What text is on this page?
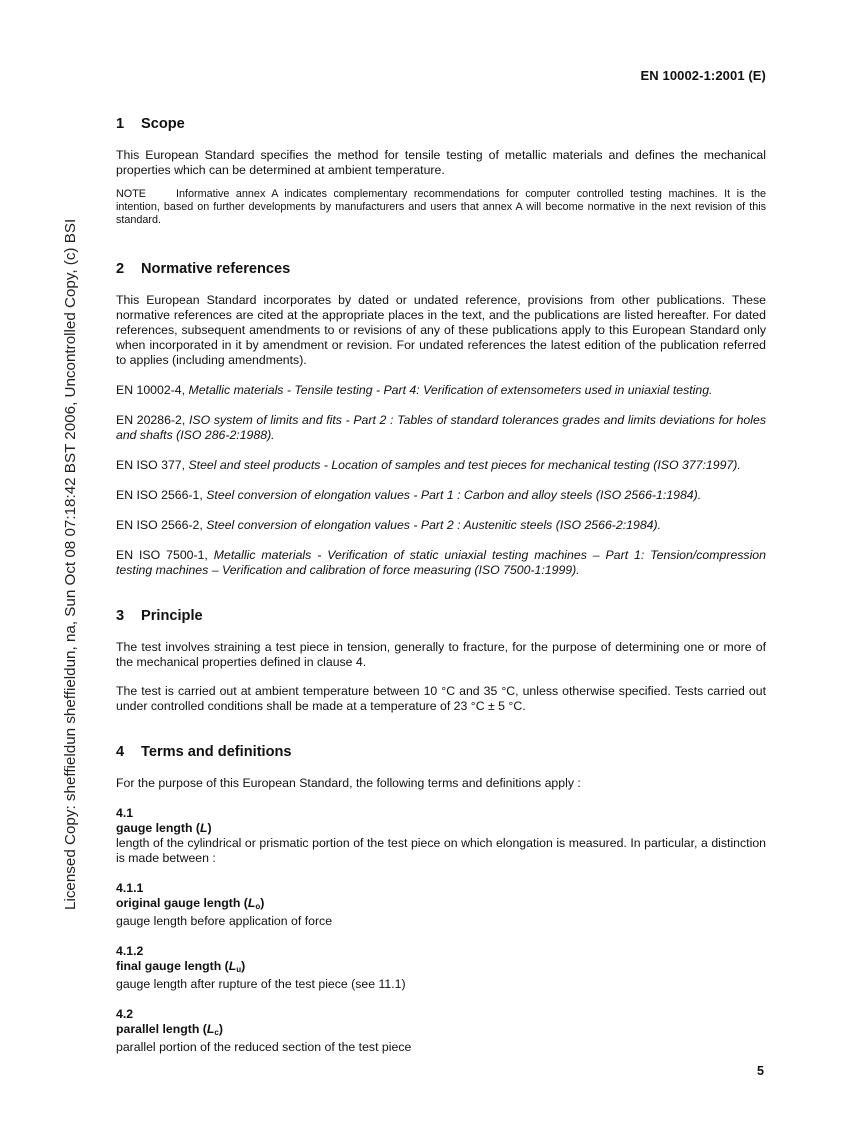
EN 10002-1:2001 (E)
Licensed Copy: sheffieldun sheffieldun, na, Sun Oct 08 07:18:42 BST 2006, Uncontrolled Copy, (c) BSI
1 Scope

This European Standard specifies the method for tensile testing of metallic materials and defines the mechanical properties which can be determined at ambient temperature.

NOTE	Informative annex A indicates complementary recommendations for computer controlled testing machines. It is the intention, based on further developments by manufacturers and users that annex A will become normative in the next revision of this standard.

2 Normative references

This European Standard incorporates by dated or undated reference, provisions from other publications. These normative references are cited at the appropriate places in the text, and the publications are listed hereafter. For dated references, subsequent amendments to or revisions of any of these publications apply to this European Standard only when incorporated in it by amendment or revision. For undated references the latest edition of the publication referred to applies (including amendments).

EN 10002-4, Metallic materials - Tensile testing - Part 4: Verification of extensometers used in uniaxial testing.

EN 20286-2, ISO system of limits and fits - Part 2 : Tables of standard tolerances grades and limits deviations for holes and shafts (ISO 286-2:1988).

EN ISO 377, Steel and steel products - Location of samples and test pieces for mechanical testing (ISO 377:1997).

EN ISO 2566-1, Steel conversion of elongation values - Part 1 : Carbon and alloy steels (ISO 2566-1:1984).

EN ISO 2566-2, Steel conversion of elongation values - Part 2 : Austenitic steels (ISO 2566-2:1984).

EN ISO 7500-1, Metallic materials - Verification of static uniaxial testing machines – Part 1: Tension/compression testing machines – Verification and calibration of force measuring (ISO 7500-1:1999).

3 Principle

The test involves straining a test piece in tension, generally to fracture, for the purpose of determining one or more of the mechanical properties defined in clause 4.

The test is carried out at ambient temperature between 10 °C and 35 °C, unless otherwise specified. Tests carried out under controlled conditions shall be made at a temperature of 23 °C ± 5 °C.

4 Terms and definitions

For the purpose of this European Standard, the following terms and definitions apply :

4.1
gauge length (L)

length of the cylindrical or prismatic portion of the test piece on which elongation is measured. In particular, a distinction is made between :

4.1.1
original gauge length $(L_o)$

gauge length before application of force

4.1.2
final gauge length $(L_u)$

gauge length after rupture of the test piece (see 11.1)

4.2
parallel length $(L_c)$

parallel portion of the reduced section of the test piece

5
